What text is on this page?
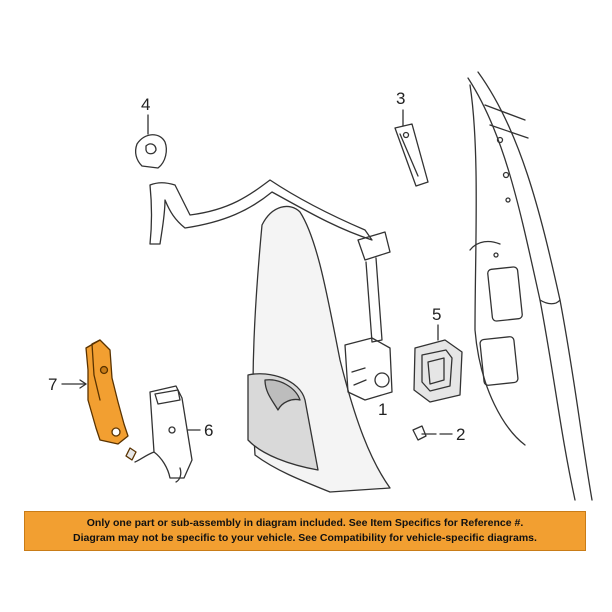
1
2
3
4
5
6
7
Only one part or sub-assembly in diagram included. See Item Specifics for Reference #.
Diagram may not be specific to your vehicle. See Compatibility for vehicle-specific diagrams.
